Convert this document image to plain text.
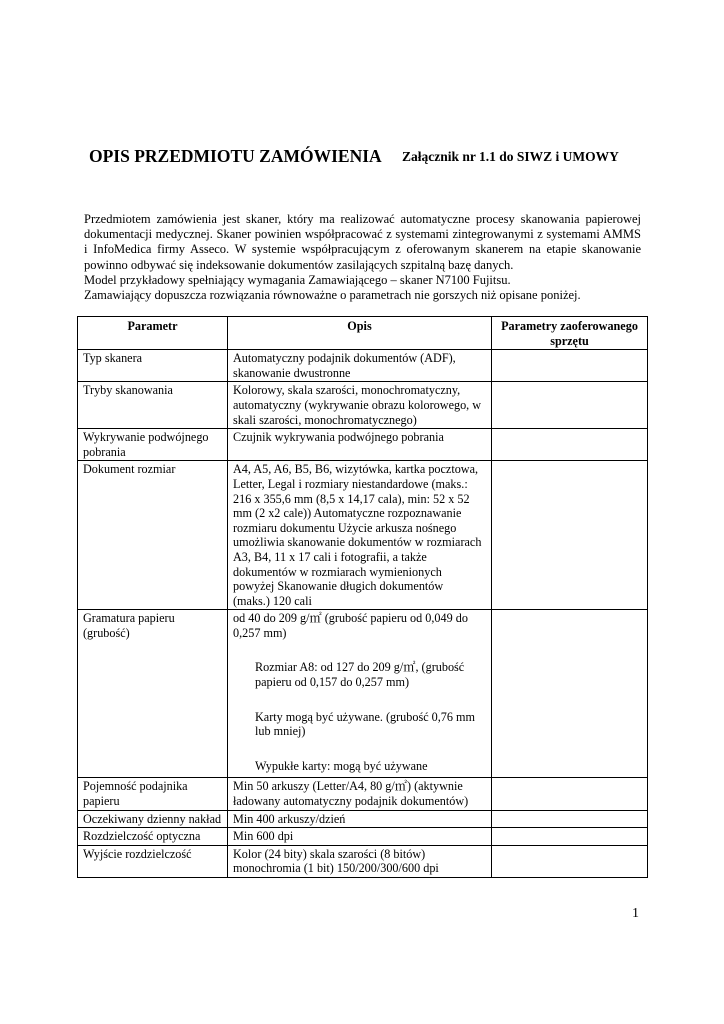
OPIS PRZEDMIOTU ZAMÓWIENIA Załącznik nr 1.1 do SIWZ i UMOWY

Przedmiotem zamówienia jest skaner, który ma realizować automatyczne procesy skanowania papierowej dokumentacji medycznej. Skaner powinien współpracować z systemami zintegrowanymi z systemami AMMS i InfoMedica firmy Asseco. W systemie współpracującym z oferowanym skanerem na etapie skanowanie powinno odbywać się indeksowanie dokumentów zasilających szpitalną bazę danych.

Model przykładowy spełniający wymagania Zamawiającego – skaner N7100 Fujitsu.

Zamawiający dopuszcza rozwiązania równoważne o parametrach nie gorszych niż opisane poniżej.

Parametr	Opis	Parametry zaoferowanego sprzętu
Typ skanera	Automatyczny podajnik dokumentów (ADF), skanowanie dwustronne	
Tryby skanowania	Kolorowy, skala szarości, monochromatyczny, automatyczny (wykrywanie obrazu kolorowego, w skali szarości, monochromatycznego)	
Wykrywanie podwójnego pobrania	Czujnik wykrywania podwójnego pobrania	
Dokument rozmiar	A4, A5, A6, B5, B6, wizytówka, kartka pocztowa, Letter, Legal i rozmiary niestandardowe (maks.: 216 x 355,6 mm (8,5 x 14,17 cala), min: 52 x 52 mm (2 x2 cale)) Automatyczne rozpoznawanie rozmiaru dokumentu Użycie arkusza nośnego umożliwia skanowanie dokumentów w rozmiarach A3, B4, 11 x 17 cali i fotografii, a także dokumentów w rozmiarach wymienionych powyżej Skanowanie długich dokumentów
(maks.) 120 cali	

Gramatura papieru (grubość)	od 40 do 209 g/㎡ (grubość papieru od 0,049 do 0,257 mm)
Rozmiar A8: od 127 do 209 g/㎡, (grubość papieru od 0,157 do 0,257 mm)
Karty mogą być używane. (grubość 0,76 mm lub mniej)
Wypukłe karty: mogą być używane	

Pojemność podajnika papieru	Min 50 arkuszy (Letter/A4, 80 g/㎡) (aktywnie ładowany automatyczny podajnik dokumentów)	
Oczekiwany dzienny nakład	Min 400 arkuszy/dzień	
Rozdzielczość optyczna	Min 600 dpi	
Wyjście rozdzielczość	Kolor (24 bity) skala szarości (8 bitów) monochromia (1 bit) 150/200/300/600 dpi	
1
